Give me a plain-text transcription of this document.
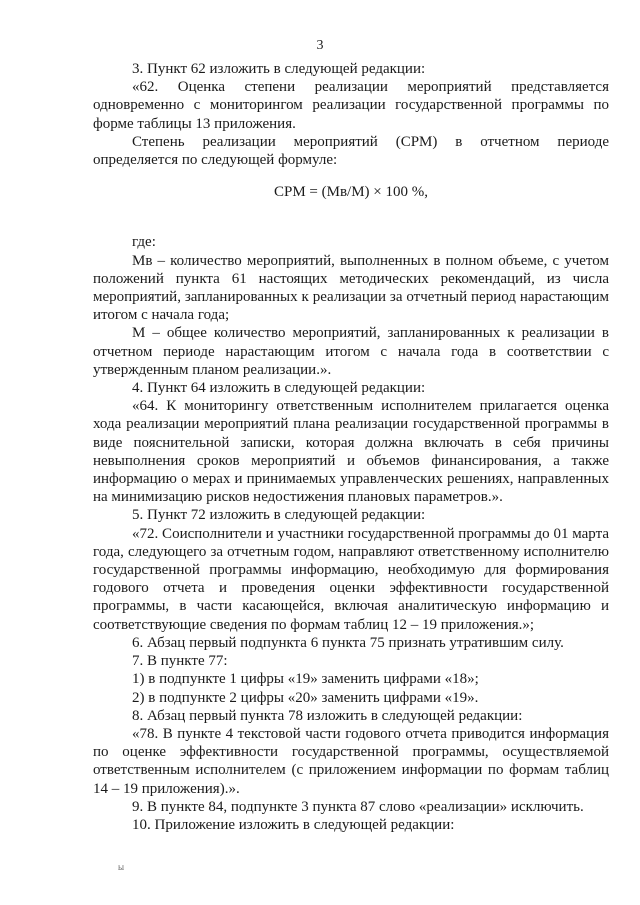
3

3. Пункт 62 изложить в следующей редакции:

«62. Оценка степени реализации мероприятий представляется одновременно с мониторингом реализации государственной программы по форме таблицы 13 приложения.

Степень реализации мероприятий (СРМ) в отчетном периоде определяется по следующей формуле:

СРМ = (Мв/М) × 100 %,

где:

Мв – количество мероприятий, выполненных в полном объеме, с учетом положений пункта 61 настоящих методических рекомендаций, из числа мероприятий, запланированных к реализации за отчетный период нарастающим итогом с начала года;

М – общее количество мероприятий, запланированных к реализации в отчетном периоде нарастающим итогом с начала года в соответствии с утвержденным планом реализации.».

4. Пункт 64 изложить в следующей редакции:

«64. К мониторингу ответственным исполнителем прилагается оценка хода реализации мероприятий плана реализации государственной программы в виде пояснительной записки, которая должна включать в себя причины невыполнения сроков мероприятий и объемов финансирования, а также информацию о мерах и принимаемых управленческих решениях, направленных на минимизацию рисков недостижения плановых параметров.».

5. Пункт 72 изложить в следующей редакции:

«72. Соисполнители и участники государственной программы до 01 марта года, следующего за отчетным годом, направляют ответственному исполнителю государственной программы информацию, необходимую для формирования годового отчета и проведения оценки эффективности государственной программы, в части касающейся, включая аналитическую информацию и соответствующие сведения по формам таблиц 12 – 19 приложения.»;

6. Абзац первый подпункта 6 пункта 75 признать утратившим силу.

7. В пункте 77:

1) в подпункте 1 цифры «19» заменить цифрами «18»;

2) в подпункте 2 цифры «20» заменить цифрами «19».

8. Абзац первый пункта 78 изложить в следующей редакции:

«78. В пункте 4 текстовой части годового отчета приводится информация по оценке эффективности государственной программы, осуществляемой ответственным исполнителем (с приложением информации по формам таблиц 14 – 19 приложения).».

9. В пункте 84, подпункте 3 пункта 87 слово «реализации» исключить.

10. Приложение изложить в следующей редакции:

ы
